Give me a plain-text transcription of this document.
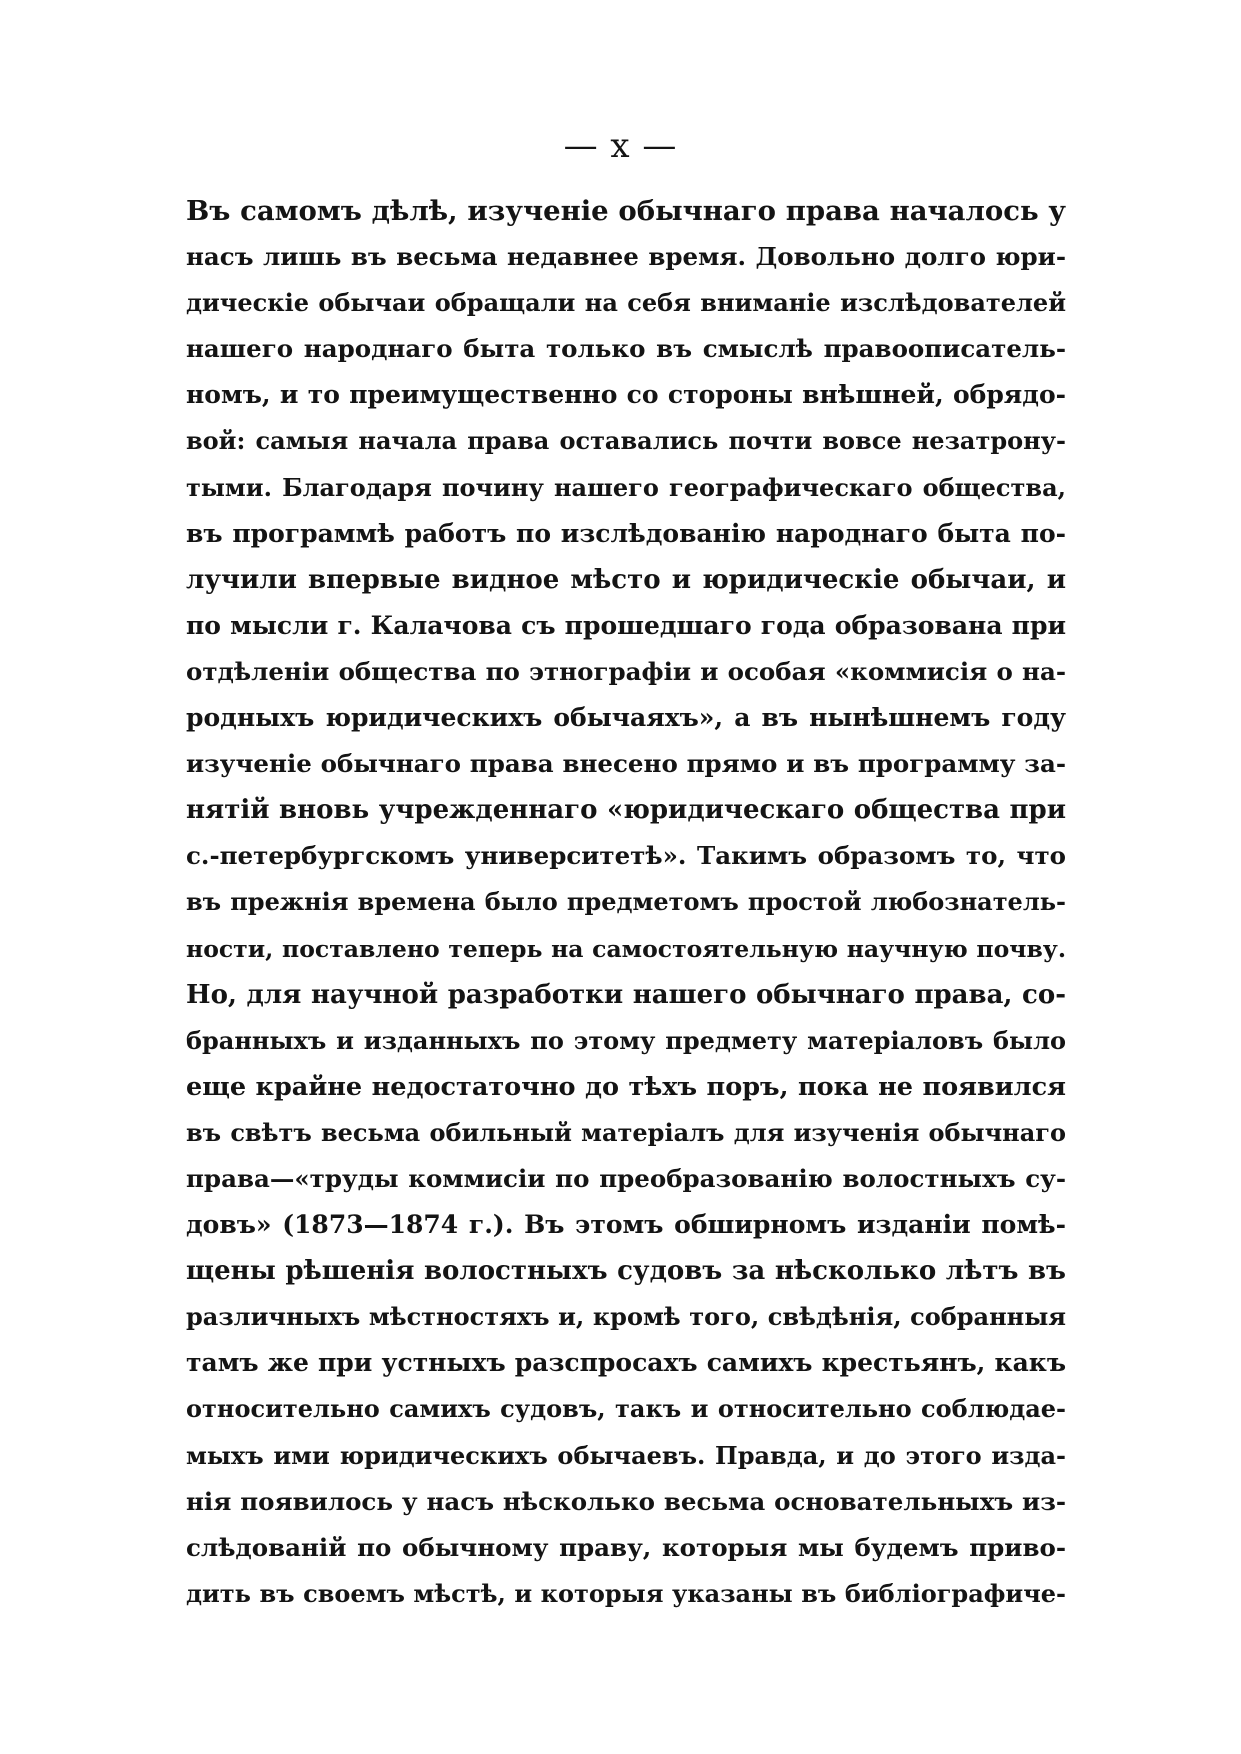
— x —
Въ самомъ дѣлѣ, изученіе обычнаго права началось у
насъ лишь въ весьма недавнее время. Довольно долго юри-
дическіе обычаи обращали на себя вниманіе изслѣдователей
нашего народнаго быта только въ смыслѣ правоописатель-
номъ, и то преимущественно со стороны внѣшней, обрядо-
вой: самыя начала права оставались почти вовсе незатрону-
тыми. Благодаря почину нашего географическаго общества,
въ программѣ работъ по изслѣдованію народнаго быта по-
лучили впервые видное мѣсто и юридическіе обычаи, и
по мысли г. Калачова съ прошедшаго года образована при
отдѣленіи общества по этнографіи и особая «коммисія о на-
родныхъ юридическихъ обычаяхъ», а въ нынѣшнемъ году
изученіе обычнаго права внесено прямо и въ программу за-
нятій вновь учрежденнаго «юридическаго общества при
с.-петербургскомъ университетѣ». Такимъ образомъ то, что
въ прежнія времена было предметомъ простой любознатель-
ности, поставлено теперь на самостоятельную научную почву.
Но, для научной разработки нашего обычнаго права, со-
бранныхъ и изданныхъ по этому предмету матеріаловъ было
еще крайне недостаточно до тѣхъ поръ, пока не появился
въ свѣтъ весьма обильный матеріалъ для изученія обычнаго
права—«труды коммисіи по преобразованію волостныхъ су-
довъ» (1873—1874 г.). Въ этомъ обширномъ изданіи помѣ-
щены рѣшенія волостныхъ судовъ за нѣсколько лѣтъ въ
различныхъ мѣстностяхъ и, кромѣ того, свѣдѣнія, собранныя
тамъ же при устныхъ разспросахъ самихъ крестьянъ, какъ
относительно самихъ судовъ, такъ и относительно соблюдае-
мыхъ ими юридическихъ обычаевъ. Правда, и до этого изда-
нія появилось у насъ нѣсколько весьма основательныхъ из-
слѣдованій по обычному праву, которыя мы будемъ приво-
дить въ своемъ мѣстѣ, и которыя указаны въ библіографиче-
